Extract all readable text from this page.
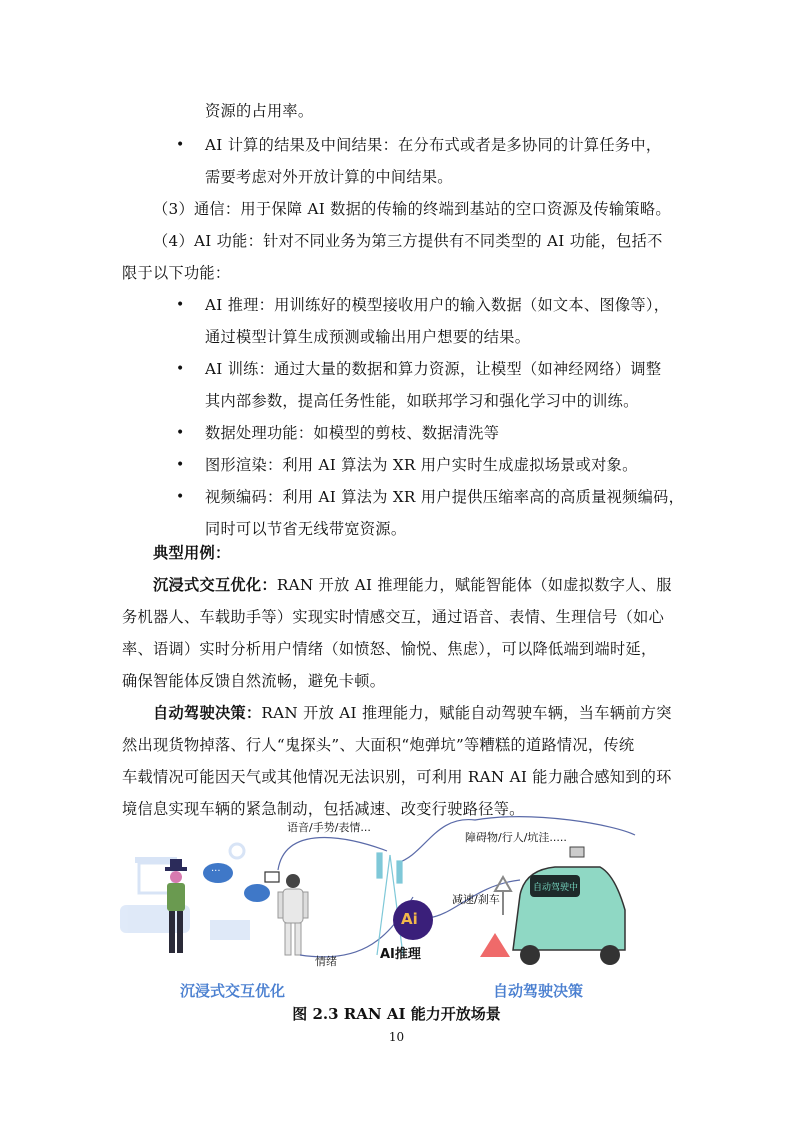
资源的占用率。
AI 计算的结果及中间结果：在分布式或者是多协同的计算任务中，
•
需要考虑对外开放计算的中间结果。
（3）通信：用于保障 AI 数据的传输的终端到基站的空口资源及传输策略。
（4）AI 功能：针对不同业务为第三方提供有不同类型的 AI 功能，包括不
限于以下功能：
AI 推理：用训练好的模型接收用户的输入数据（如文本、图像等），
•
通过模型计算生成预测或输出用户想要的结果。
AI 训练：通过大量的数据和算力资源，让模型（如神经网络）调整
•
其内部参数，提高任务性能，如联邦学习和强化学习中的训练。
数据处理功能：如模型的剪枝、数据清洗等
•
图形渲染：利用 AI 算法为 XR 用户实时生成虚拟场景或对象。
•
视频编码：利用 AI 算法为 XR 用户提供压缩率高的高质量视频编码，
•
同时可以节省无线带宽资源。
典型用例：
沉浸式交互优化：RAN 开放 AI 推理能力，赋能智能体（如虚拟数字人、服
务机器人、车载助手等）实现实时情感交互，通过语音、表情、生理信号（如心
率、语调）实时分析用户情绪（如愤怒、愉悦、焦虑），可以降低端到端时延，
确保智能体反馈自然流畅，避免卡顿。
自动驾驶决策：RAN 开放 AI 推理能力，赋能自动驾驶车辆，当车辆前方突
然出现货物掉落、行人“鬼探头”、大面积“炮弹坑”等糟糕的道路情况，传统
车载情况可能因天气或其他情况无法识别，可利用 RAN AI 能力融合感知到的环
境信息实现车辆的紧急制动，包括减速、改变行驶路径等。
语音/手势/表情...
障碍物/行人/坑洼.....
减速/刹车
情绪
Ai
AI推理
自动驾驶中
...
沉浸式交互优化	自动驾驶决策
图 2.3 RAN AI 能力开放场景
10
